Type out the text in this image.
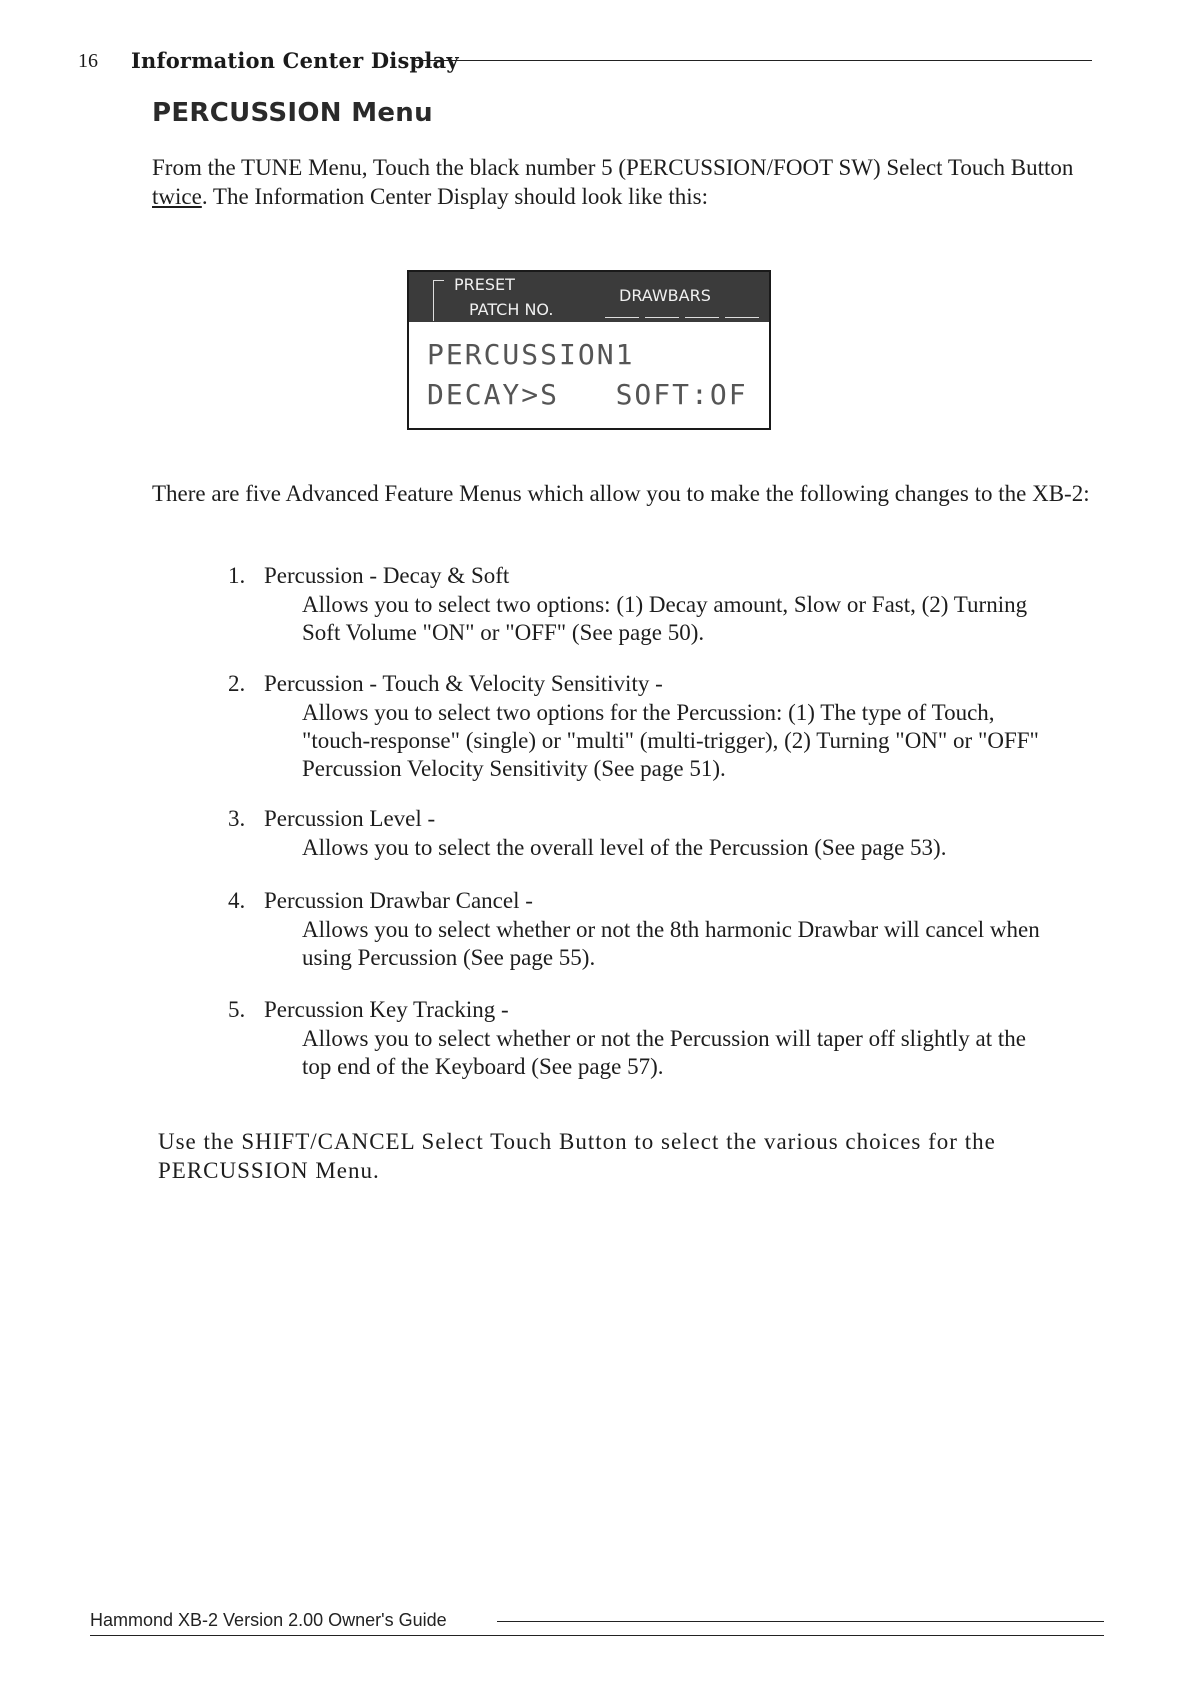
16 Information Center Display
PERCUSSION Menu
From the TUNE Menu, Touch the black number 5 (PERCUSSION/FOOT SW) Select Touch Button twice. The Information Center Display should look like this:
PRESET
PATCH NO.
DRAWBARS
PERCUSSION1
DECAY>S   SOFT:OF
There are five Advanced Feature Menus which allow you to make the following changes to the XB-2:
1. Percussion - Decay & Soft
Allows you to select two options: (1) Decay amount, Slow or Fast, (2) Turning Soft Volume "ON" or "OFF" (See page 50).
2. Percussion - Touch & Velocity Sensitivity -
Allows you to select two options for the Percussion: (1) The type of Touch, "touch-response" (single) or "multi" (multi-trigger), (2) Turning "ON" or "OFF" Percussion Velocity Sensitivity (See page 51).
3. Percussion Level -
Allows you to select the overall level of the Percussion (See page 53).
4. Percussion Drawbar Cancel -
Allows you to select whether or not the 8th harmonic Drawbar will cancel when using Percussion (See page 55).
5. Percussion Key Tracking -
Allows you to select whether or not the Percussion will taper off slightly at the top end of the Keyboard (See page 57).
Use the SHIFT/CANCEL Select Touch Button to select the various choices for the PERCUSSION Menu.
Hammond XB-2 Version 2.00 Owner's Guide
